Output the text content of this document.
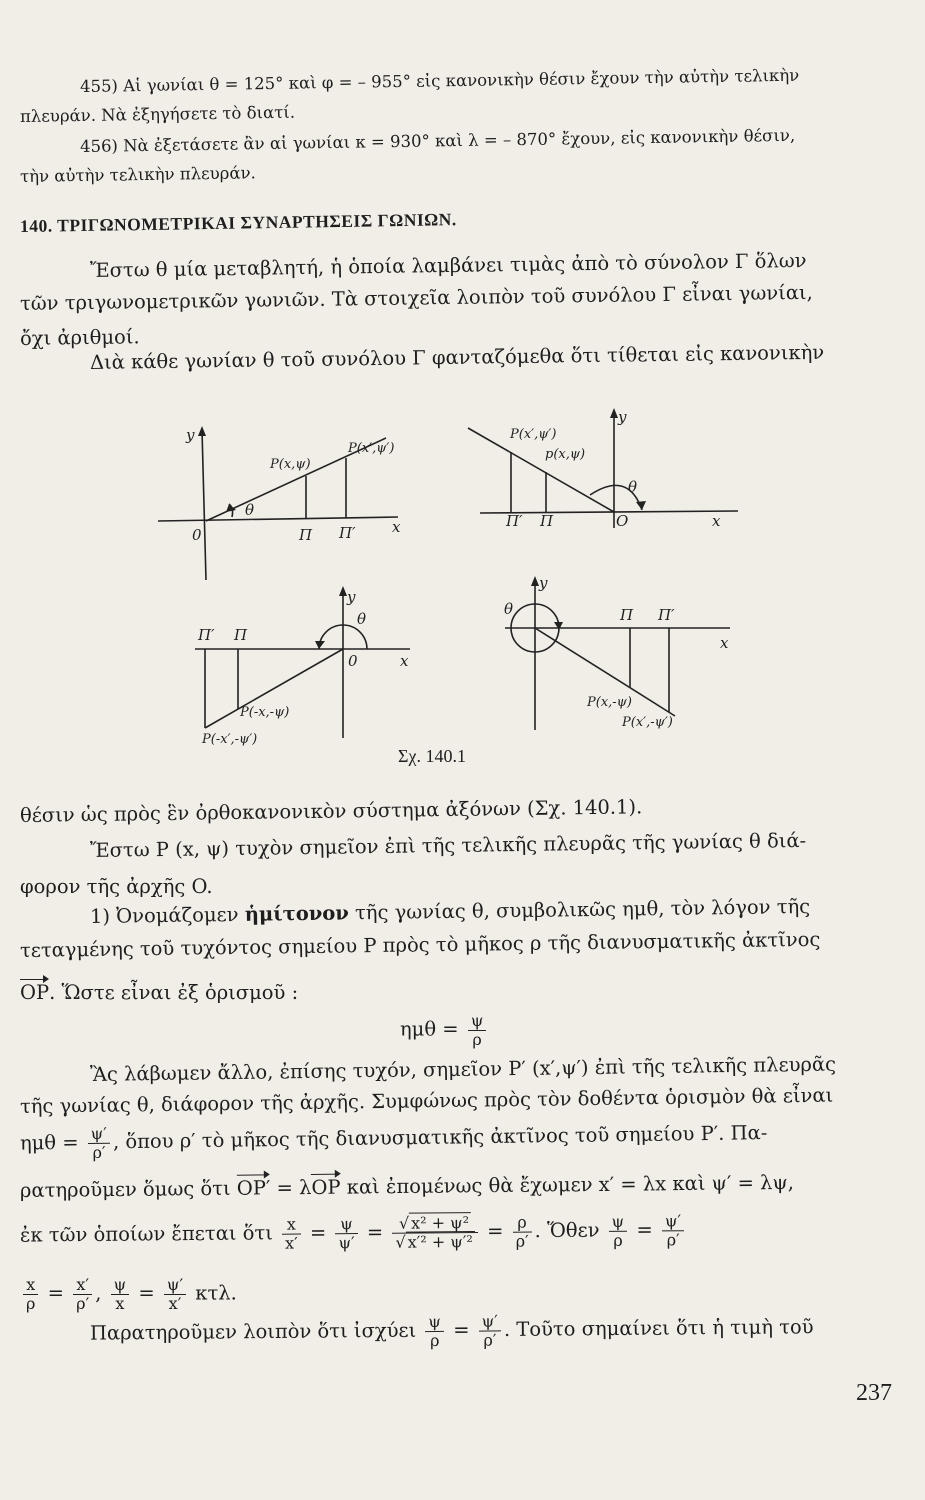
455) Αἱ γωνίαι θ = 125° καὶ φ = – 955° εἰς κανονικὴν θέσιν ἔχουν τὴν αὐτὴν τελικὴν
πλευράν. Νὰ ἐξηγήσετε τὸ διατί.
456) Νὰ ἐξετάσετε ἂν αἱ γωνίαι κ = 930° καὶ λ = – 870° ἔχουν, εἰς κανονικὴν θέσιν,
τὴν αὐτὴν τελικὴν πλευράν.
140. ΤΡΙΓΩΝΟΜΕΤΡΙΚΑΙ ΣΥΝΑΡΤΗΣΕΙΣ ΓΩΝΙΩΝ.
Ἔστω θ μία μεταβλητή, ἡ ὁποία λαμβάνει τιμὰς ἀπὸ τὸ σύνολον Γ ὅλων
τῶν τριγωνομετρικῶν γωνιῶν. Τὰ στοιχεῖα λοιπὸν τοῦ συνόλου Γ εἶναι γωνίαι,
ὄχι ἀριθμοί.
Διὰ κάθε γωνίαν θ τοῦ συνόλου Γ φανταζόμεθα ὅτι τίθεται εἰς κανονικὴν
y
x
0	Π Π′
θ
P(x,ψ)
P(x′,ψ′)
y
x
Π′ Π	O
θ
P(x′,ψ′)
p(x,ψ)
y
x
Π′ Π
0
θ
P(-x,-ψ)
P(-x′,-ψ′)
y
x
θ	Π Π′
P(x,-ψ)
P(x′,-ψ′)
Σχ. 140.1
θέσιν ὡς πρὸς ἓν ὀρθοκανονικὸν σύστημα ἀξόνων (Σχ. 140.1).
Ἔστω P (x, ψ) τυχὸν σημεῖον ἐπὶ τῆς τελικῆς πλευρᾶς τῆς γωνίας θ διά-
φορον τῆς ἀρχῆς O.
1) Ὀνομάζομεν ἡμίτονον τῆς γωνίας θ, συμβολικῶς ημθ, τὸν λόγον τῆς
τεταγμένης τοῦ τυχόντος σημείου P πρὸς τὸ μῆκος ρ τῆς διανυσματικῆς ἀκτῖνος
OP. Ὥστε εἶναι ἐξ ὁρισμοῦ :
$\eta\mu\theta = \frac{\psi}{\rho}$
Ἂς λάβωμεν ἄλλο, ἐπίσης τυχόν, σημεῖον P′ (x′,ψ′) ἐπὶ τῆς τελικῆς πλευρᾶς
τῆς γωνίας θ, διάφορον τῆς ἀρχῆς. Συμφώνως πρὸς τὸν δοθέντα ὁρισμὸν θὰ εἶναι
$\eta\mu\theta = \frac{\psi'}{\rho'}$ , ὅπου ρ′ τὸ μῆκος τῆς διανυσματικῆς ἀκτῖνος τοῦ σημείου P′. Πα-
ρατηροῦμεν ὅμως ὅτι OP′ = λOP καὶ ἐπομένως θὰ ἔχωμεν x′ = λx καὶ ψ′ = λψ,
ἐκ τῶν ὁποίων ἔπεται ὅτι $\frac{x}{x'} = \frac{\psi}{\psi'} = \frac{\text{√ x² + ψ²}}{\text{√ x′² + ψ′²}} = \frac{\rho}{\rho'}$ . Ὅθεν $\frac{\psi}{\rho} = \frac{\psi'}{\rho'}$
$\frac{x}{\rho} = \frac{x'}{\rho'}$ , $\frac{\psi}{x} = \frac{\psi'}{x'} \kappa\tau\lambda$.
Παρατηροῦμεν λοιπὸν ὅτι ἰσχύει $\frac{\psi}{\rho} = \frac{\psi'}{\rho'}$ . Τοῦτο σημαίνει ὅτι ἡ τιμὴ τοῦ
237
